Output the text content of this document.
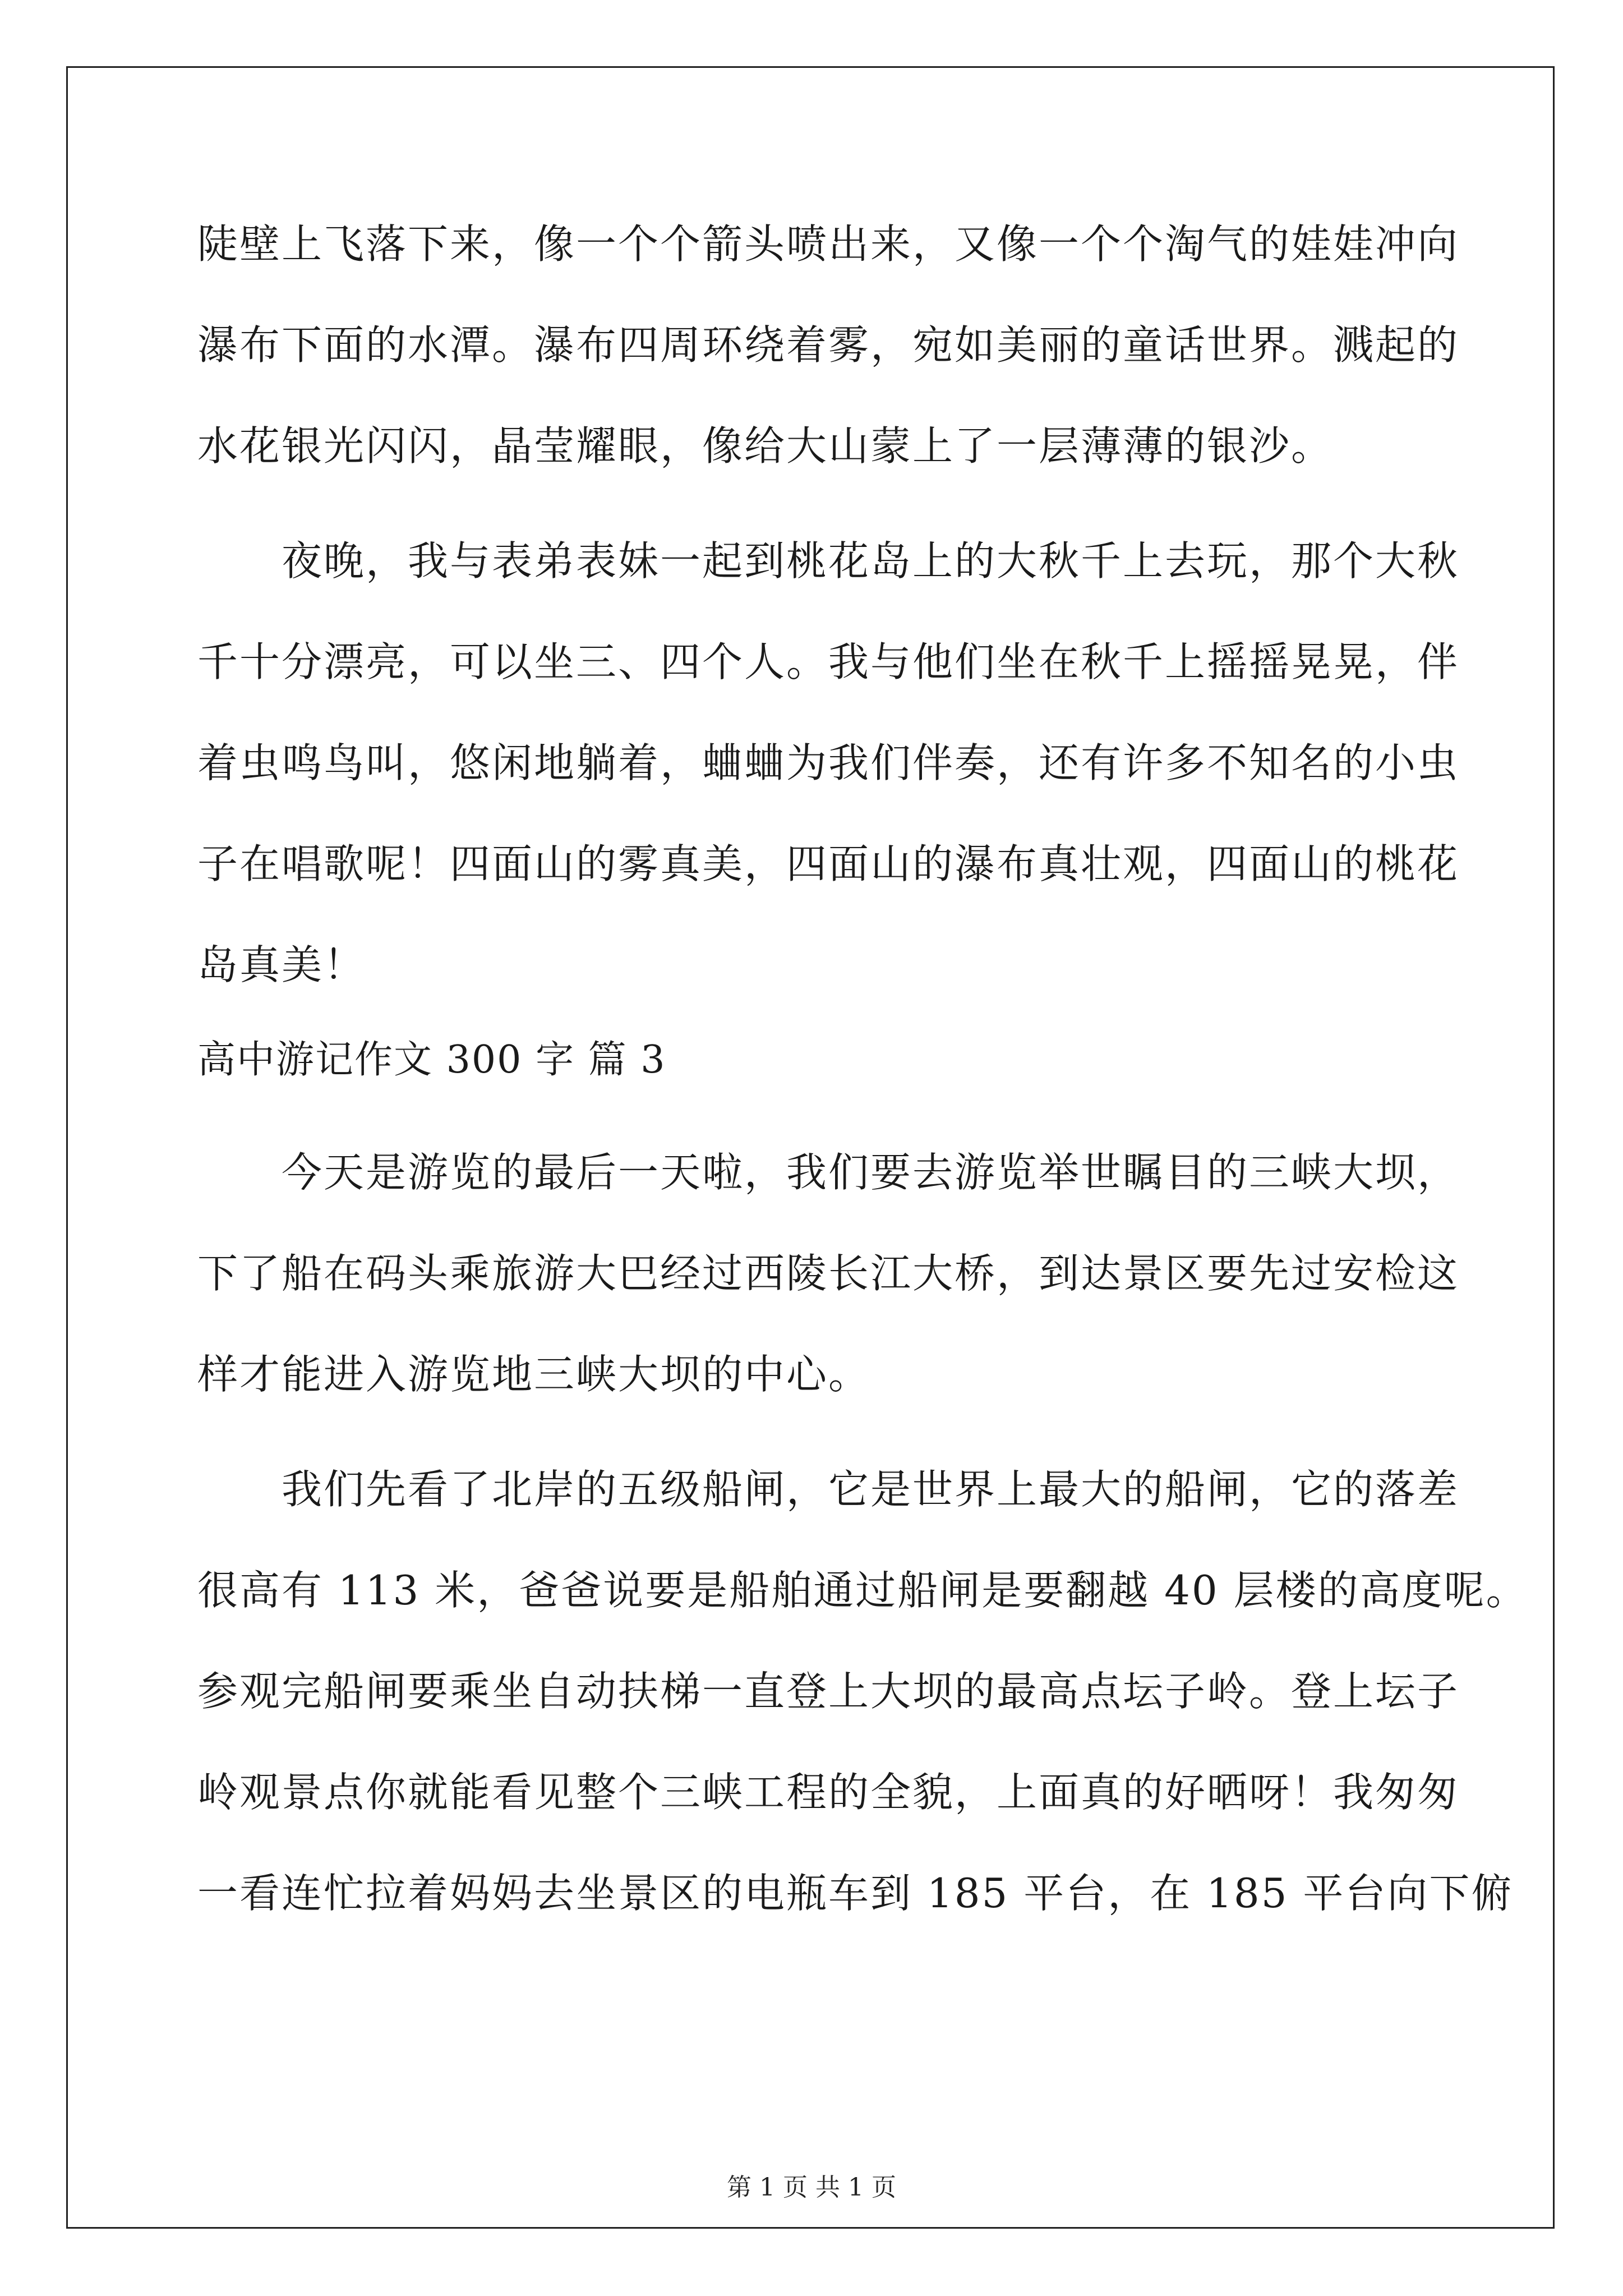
陡壁上飞落下来，像一个个箭头喷出来，又像一个个淘气的娃娃冲向
瀑布下面的水潭。瀑布四周环绕着雾，宛如美丽的童话世界。溅起的
水花银光闪闪，晶莹耀眼，像给大山蒙上了一层薄薄的银沙。
夜晚，我与表弟表妹一起到桃花岛上的大秋千上去玩，那个大秋
千十分漂亮，可以坐三、四个人。我与他们坐在秋千上摇摇晃晃，伴
着虫鸣鸟叫，悠闲地躺着，蛐蛐为我们伴奏，还有许多不知名的小虫
子在唱歌呢！四面山的雾真美，四面山的瀑布真壮观，四面山的桃花
岛真美！
高中游记作文 300 字 篇 3
今天是游览的最后一天啦，我们要去游览举世瞩目的三峡大坝，
下了船在码头乘旅游大巴经过西陵长江大桥，到达景区要先过安检这
样才能进入游览地三峡大坝的中心。
我们先看了北岸的五级船闸，它是世界上最大的船闸，它的落差
很高有 113 米，爸爸说要是船舶通过船闸是要翻越 40 层楼的高度呢。
参观完船闸要乘坐自动扶梯一直登上大坝的最高点坛子岭。登上坛子
岭观景点你就能看见整个三峡工程的全貌，上面真的好晒呀！我匆匆
一看连忙拉着妈妈去坐景区的电瓶车到 185 平台，在 185 平台向下俯
第 1 页 共 1 页
